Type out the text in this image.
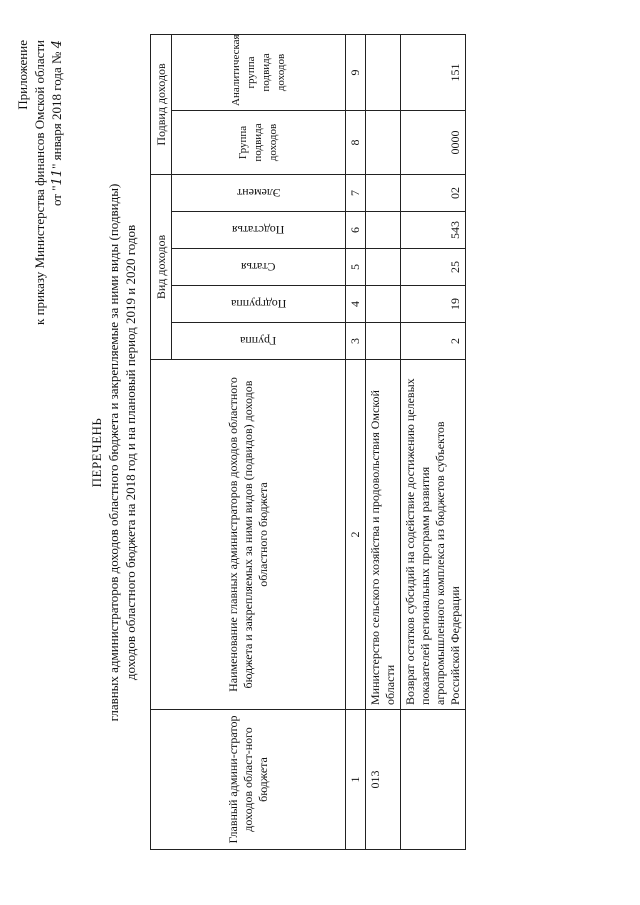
Приложение к приказу Министерства финансов Омской области от "11" января 2018 года № 4
ПЕРЕЧЕНЬ главных администраторов доходов областного бюджета и закрепляемые за ними виды (подвиды) доходов областного бюджета на 2018 год и на плановый период 2019 и 2020 годов
Главный админи-стратор доходов област-ного бюджета	Наименование главных администраторов доходов областного бюджета и закрепляемых за ними видов (подвидов) доходов областного бюджета	Вид доходов					Подвид доходов	

		Группа	Подгруппа	Статья	Подстатья	Элемент	Группа подвида доходов	Аналитическая группа подвида доходов
1	2	3	4	5	6	7	8	9
013	Министерство сельского хозяйства и продовольствия Омской области							
	Возврат остатков субсидий на содействие достижению целевых показателей региональных программ развития агропромышленного комплекса из бюджетов субъектов Российской Федерации	2	19	25	543	02	0000	151
